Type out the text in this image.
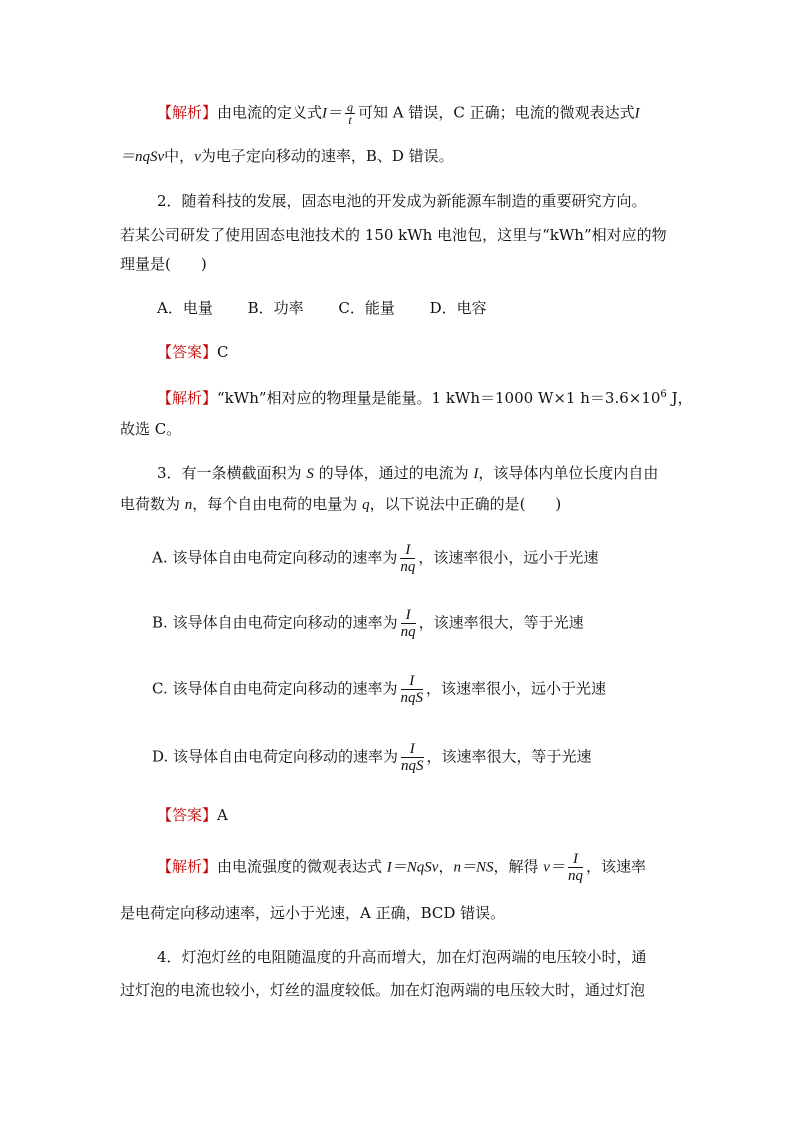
【解析】由电流的定义式$I= \frac{q}{t}$ 可知 A 错误，C 正确；电流的微观表达式I
＝nqSv中，v为电子定向移动的速率，B、D 错误。
2．随着科技的发展，固态电池的开发成为新能源车制造的重要研究方向。
若某公司研发了使用固态电池技术的 150 kWh 电池包，这里与“kWh”相对应的物
理量是(　　)
A．电量　　 B．功率　　 C．能量　　 D．电容
【答案】C
【解析】“kWh”相对应的物理量是能量。1 kWh＝1000 W×1 $h=3.6\times 10^6$ J，
故选 C。
3．有一条横截面积为 S 的导体，通过的电流为 I，该导体内单位长度内自由
电荷数为 n，每个自由电荷的电量为 q，以下说法中正确的是(　　)
A. 该导体自由电荷定向移动的速率为 $\frac{I}{nq}$ ，该速率很小，远小于光速
B. 该导体自由电荷定向移动的速率为 $\frac{I}{nq}$ ，该速率很大，等于光速
C. 该导体自由电荷定向移动的速率为 $\frac{I}{\text{nqS}}$ ，该速率很小，远小于光速
D. 该导体自由电荷定向移动的速率为 $\frac{I}{\text{nqS}}$ ，该速率很大，等于光速
【答案】A
【解析】由电流强度的微观表达式 I＝NqSv，n＝NS，解得 $v= \frac{I}{nq}$ ，该速率
是电荷定向移动速率，远小于光速，A 正确，BCD 错误。
4．灯泡灯丝的电阻随温度的升高而增大，加在灯泡两端的电压较小时，通
过灯泡的电流也较小，灯丝的温度较低。加在灯泡两端的电压较大时，通过灯泡
